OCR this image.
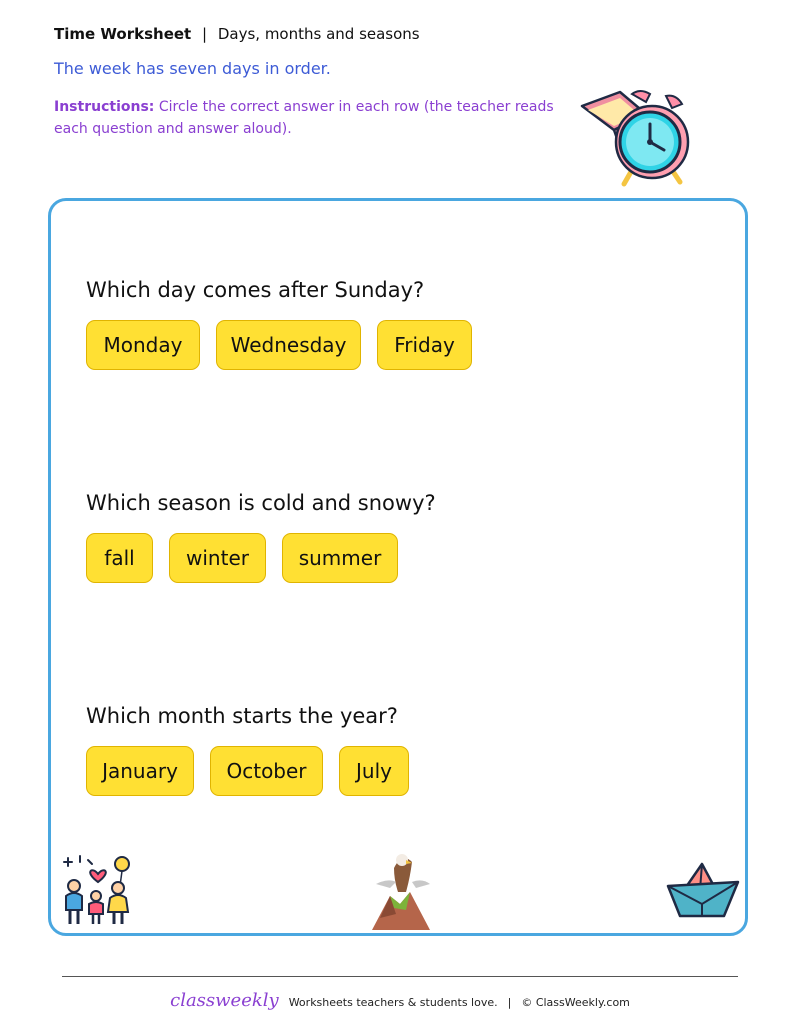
Time Worksheet | Days, months and seasons
The week has seven days in order.
Instructions: Circle the correct answer in each row (the teacher reads each question and answer aloud).
Which day comes after Sunday?
Monday	Wednesday	Friday
Which season is cold and snowy?
fall	winter	summer
Which month starts the year?
January	October	July
classweekly Worksheets teachers & students love. | © ClassWeekly.com
